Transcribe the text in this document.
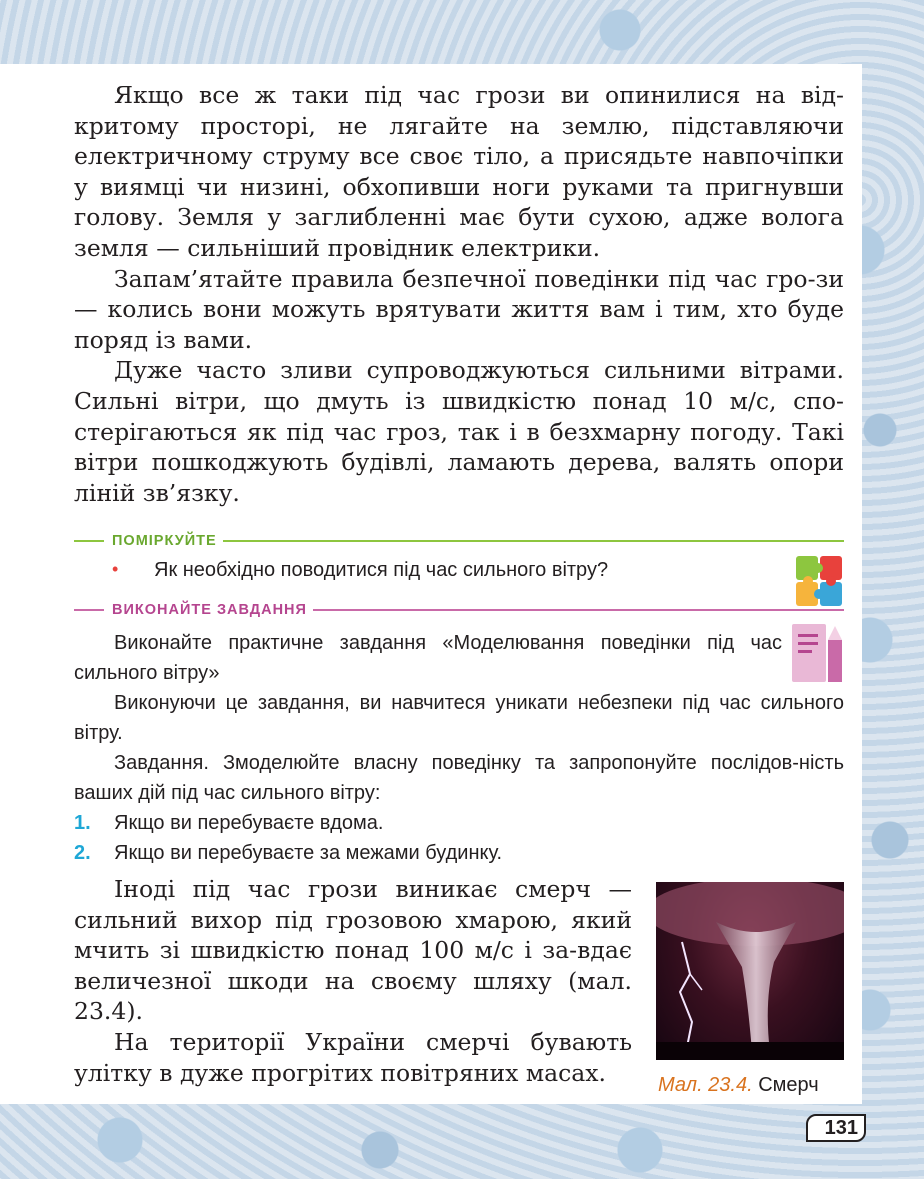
Якщо все ж таки під час грози ви опинилися на від-критому просторі, не лягайте на землю, підставляючи електричному струму все своє тіло, а присядьте навпочіпки у виямці чи низині, обхопивши ноги руками та пригнувши голову. Земля у заглибленні має бути сухою, адже волога земля — сильніший провідник електрики.

Запам’ятайте правила безпечної поведінки під час гро-зи — колись вони можуть врятувати життя вам і тим, хто буде поряд із вами.

Дуже часто зливи супроводжуються сильними вітрами. Сильні вітри, що дмуть із швидкістю понад 10 м/с, спо-стерігаються як під час гроз, так і в безхмарну погоду. Такі вітри пошкоджують будівлі, ламають дерева, валять опори ліній зв’язку.

ПОМІРКУЙТЕ
• Як необхідно поводитися під час сильного вітру?
ВИКОНАЙТЕ ЗАВДАННЯ

Виконайте практичне завдання «Моделювання поведінки під час сильного вітру»

Виконуючи це завдання, ви навчитеся уникати небезпеки під час сильного вітру.

Завдання. Змоделюйте власну поведінку та запропонуйте послідов-ність ваших дій під час сильного вітру:

1. Якщо ви перебуваєте вдома.
2. Якщо ви перебуваєте за межами будинку.

Іноді під час грози виникає смерч — сильний вихор під грозовою хмарою, який мчить зі швидкістю понад 100 м/с і за-вдає величезної шкоди на своєму шляху (мал. 23.4).

На території України смерчі бувають улітку в дуже прогрітих повітряних масах.	Мал. 23.4. Смерч
131
